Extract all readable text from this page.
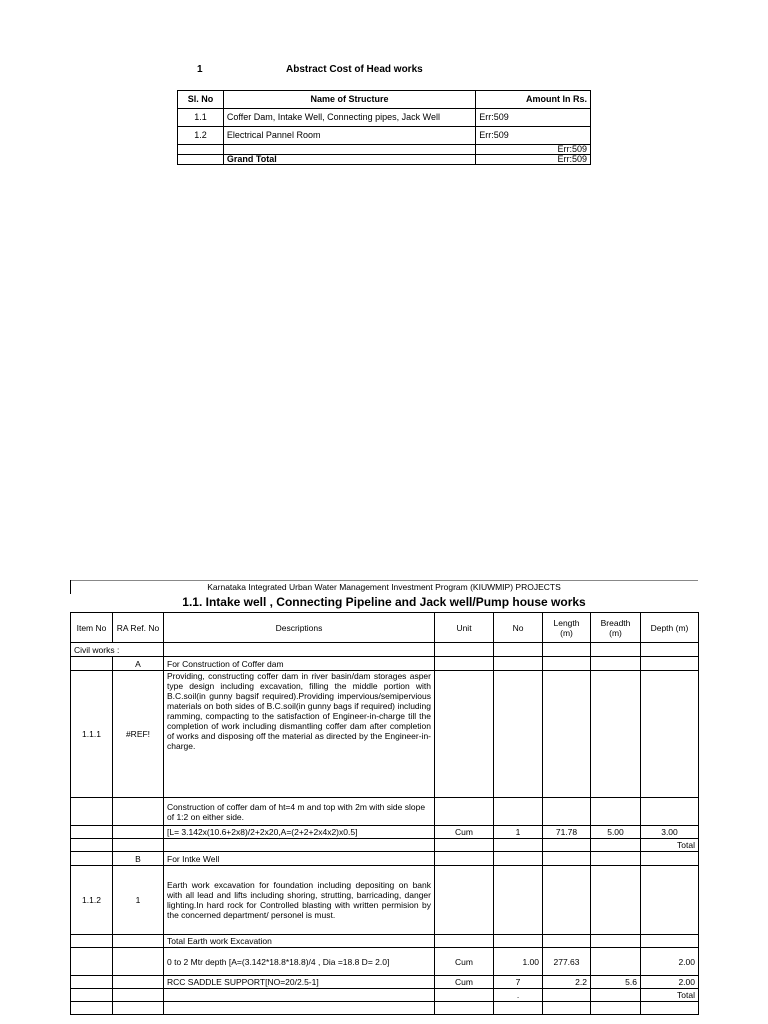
1	Abstract Cost of Head works
Sl. No	Name of Structure	Amount In Rs.
1.1	Coffer Dam, Intake Well, Connecting pipes, Jack Well	Err:509
1.2	Electrical Pannel Room	Err:509
		Err:509
	Grand Total	Err:509
Karnataka Integrated Urban Water Management Investment Program (KIUWMIP) PROJECTS
1.1. Intake well , Connecting Pipeline and Jack well/Pump house works
Item No	RA Ref. No	Descriptions	Unit	No	Length (m)	Breadth (m)	Depth (m)
Civil works :							
	A	For Construction of Coffer dam					
1.1.1	#REF!	Providing, constructing coffer dam in river basin/dam storages asper type design including excavation, filling the middle portion with B.C.soil(in gunny bagsif required).Providing impervious/semipervious materials on both sides of B.C.soil(in gunny bags if required) including ramming, compacting to the satisfaction of Engineer-in-charge till the completion of work including dismantling coffer dam after completion of works and disposing off the material as directed by the Engineer-in-charge.					
		Construction of coffer dam of ht=4 m and top with 2m with side slope of 1:2 on either side.					
		[L= 3.142x(10.6+2x8)/2+2x20,A=(2+2+2x4x2)x0.5]	Cum	1	71.78	5.00	3.00
							Total
	B	For Intke Well					
1.1.2	1	Earth work excavation for foundation including depositing on bank with all lead and lifts including shoring, strutting, barricading, danger lighting.In hard rock for Controlled blasting with written permision by the concerned department/ personel is must.					
		Total Earth work Excavation					
		0 to 2 Mtr depth [A=(3.142*18.8*18.8)/4 , Dia =18.8 D= 2.0]	Cum	1.00	277.63		2.00
		RCC SADDLE SUPPORT[NO=20/2.5-1]	Cum	7	2.2	5.6	2.00
				.			Total
